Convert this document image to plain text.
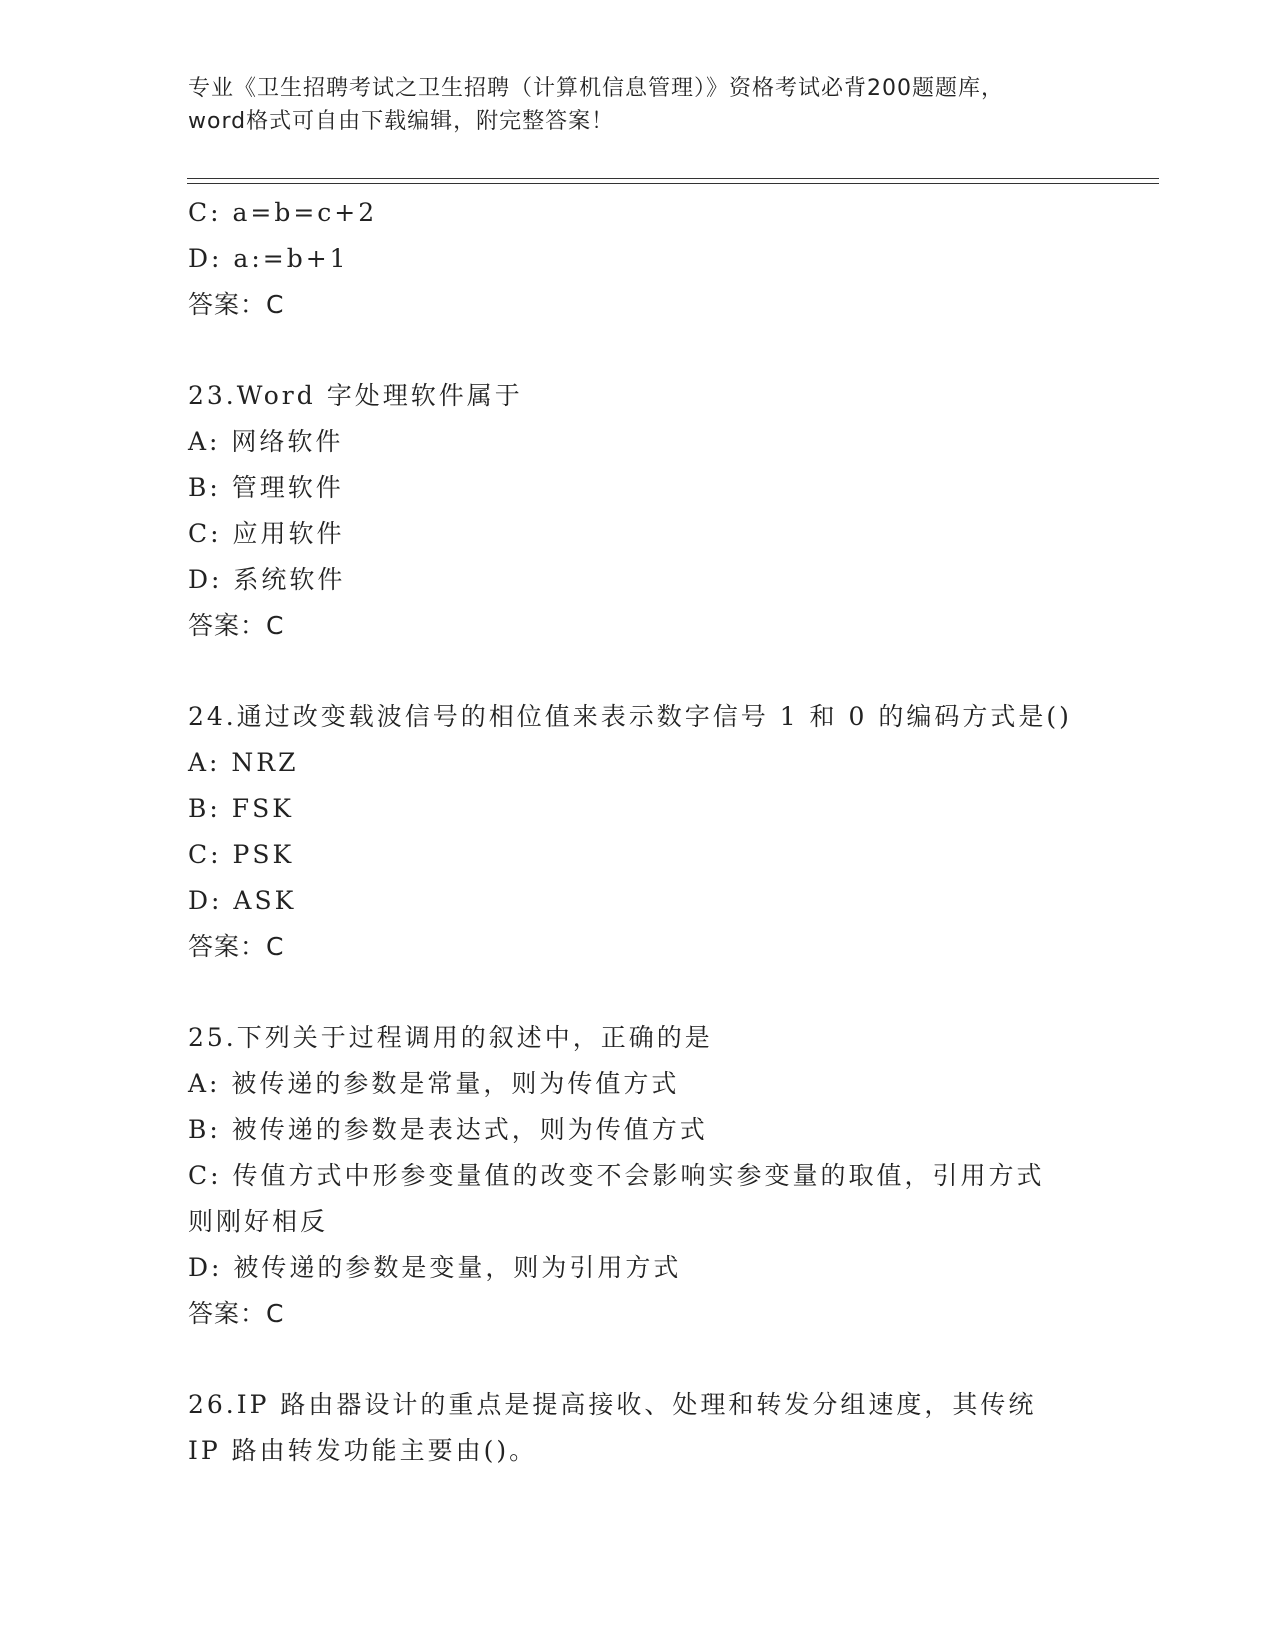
专业《卫生招聘考试之卫生招聘（计算机信息管理）》资格考试必背200题题库，
word格式可自由下载编辑，附完整答案！
C: a=b=c+2
D: a:=b+1
答案：C
23.Word 字处理软件属于
A: 网络软件
B: 管理软件
C: 应用软件
D: 系统软件
答案：C
24.通过改变载波信号的相位值来表示数字信号 1 和 0 的编码方式是()
A: NRZ
B: FSK
C: PSK
D: ASK
答案：C
25.下列关于过程调用的叙述中，正确的是
A: 被传递的参数是常量，则为传值方式
B: 被传递的参数是表达式，则为传值方式
C: 传值方式中形参变量值的改变不会影响实参变量的取值，引用方式
则刚好相反
D: 被传递的参数是变量，则为引用方式
答案：C
26.IP 路由器设计的重点是提高接收、处理和转发分组速度，其传统
IP 路由转发功能主要由()。
